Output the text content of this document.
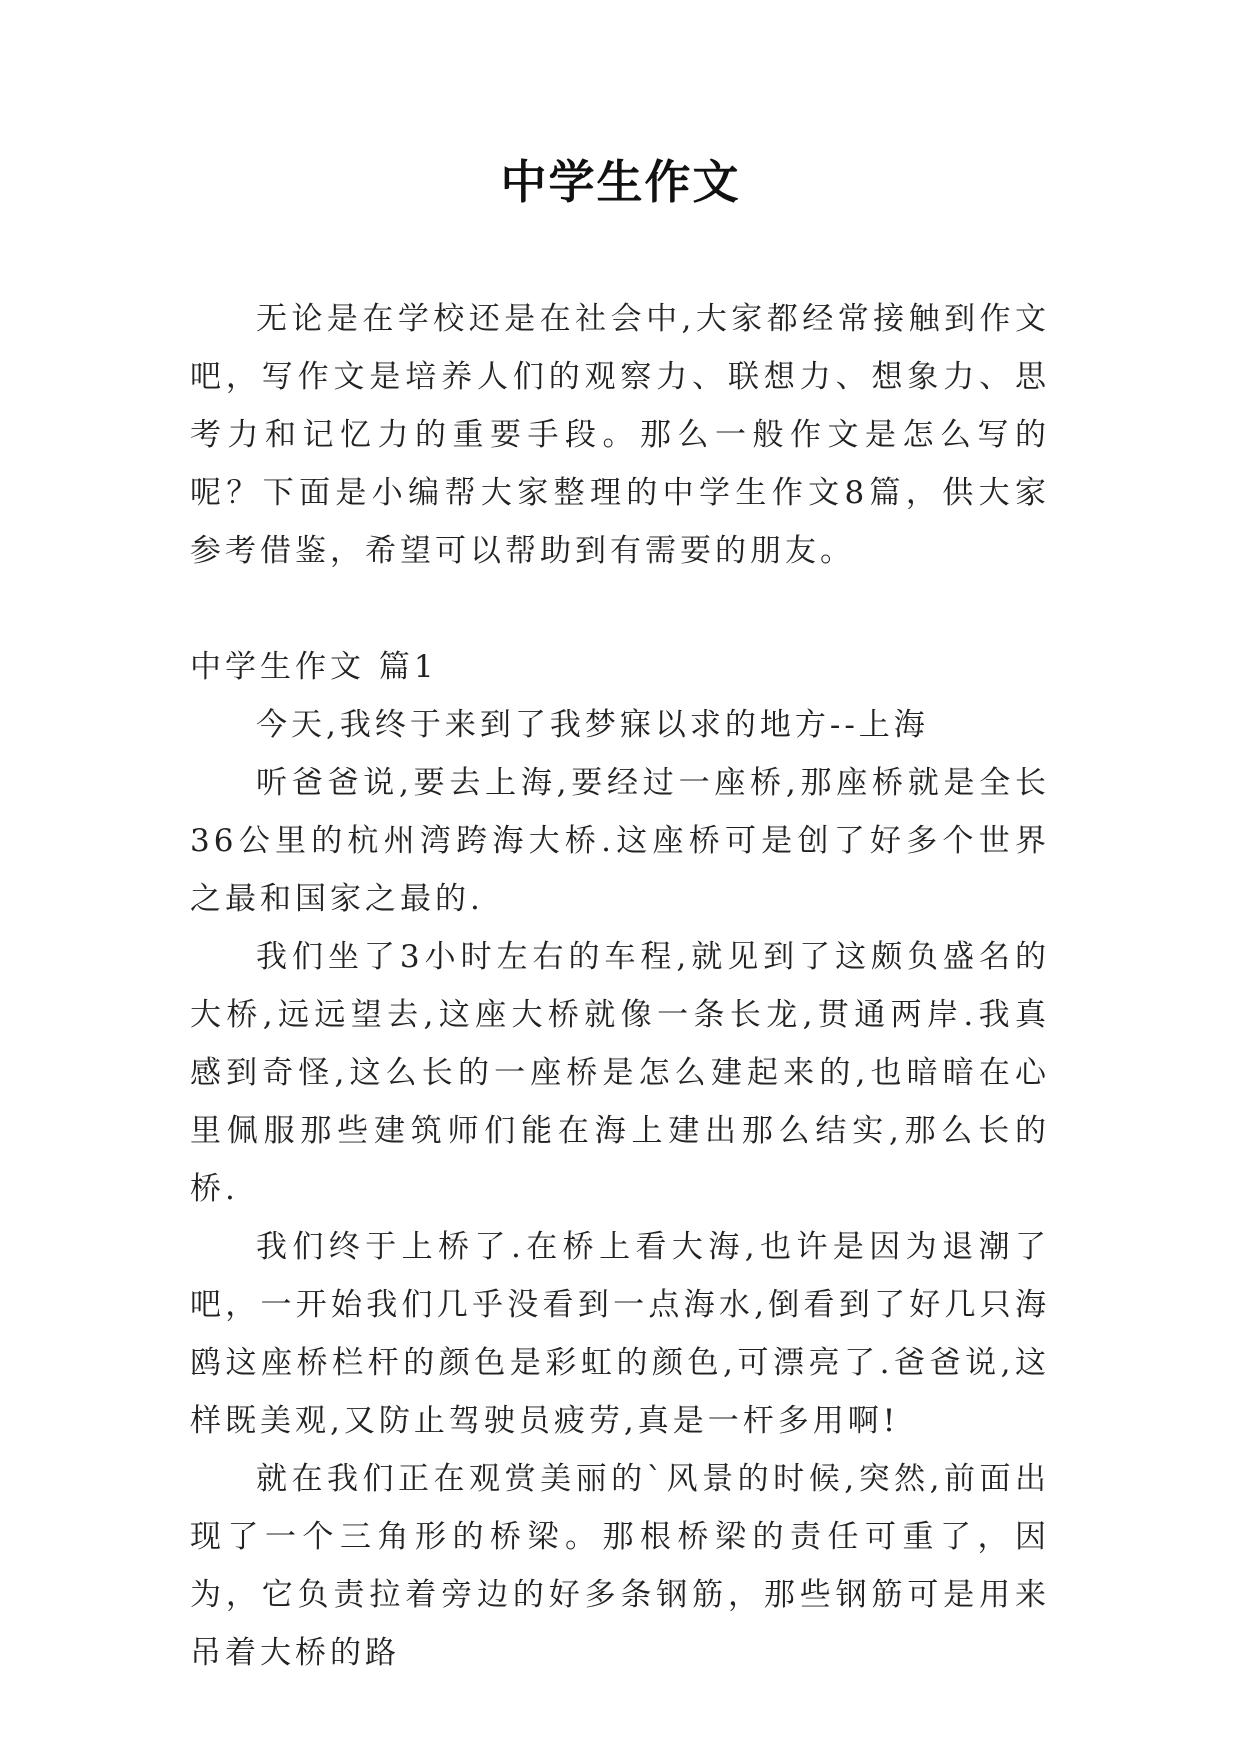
中学生作文

无论是在学校还是在社会中,大家都经常接触到作文吧，写作文是培养人们的观察力、联想力、想象力、思考力和记忆力的重要手段。那么一般作文是怎么写的呢？下面是小编帮大家整理的中学生作文8篇，供大家参考借鉴，希望可以帮助到有需要的朋友。

中学生作文 篇1

今天,我终于来到了我梦寐以求的地方--上海

听爸爸说,要去上海,要经过一座桥,那座桥就是全长36公里的杭州湾跨海大桥.这座桥可是创了好多个世界之最和国家之最的.

我们坐了3小时左右的车程,就见到了这颇负盛名的大桥,远远望去,这座大桥就像一条长龙,贯通两岸.我真感到奇怪,这么长的一座桥是怎么建起来的,也暗暗在心里佩服那些建筑师们能在海上建出那么结实,那么长的桥.

我们终于上桥了.在桥上看大海,也许是因为退潮了吧，一开始我们几乎没看到一点海水,倒看到了好几只海鸥这座桥栏杆的颜色是彩虹的颜色,可漂亮了.爸爸说,这样既美观,又防止驾驶员疲劳,真是一杆多用啊!

就在我们正在观赏美丽的`风景的时候,突然,前面出现了一个三角形的桥梁。那根桥梁的责任可重了，因为，它负责拉着旁边的好多条钢筋，那些钢筋可是用来吊着大桥的路
